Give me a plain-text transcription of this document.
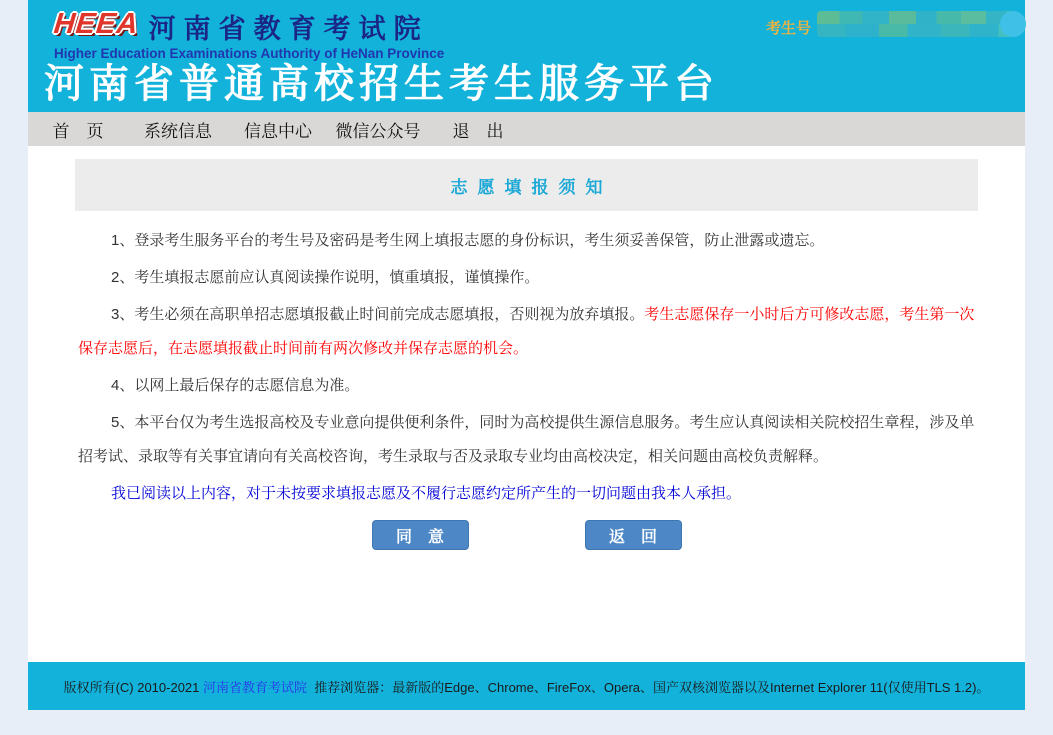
HEEA 河南省教育考试院
Higher Education Examinations Authority of HeNan Province
考生号
河南省普通高校招生考生服务平台
首　页	系统信息	信息中心	微信公众号	退　出
志愿填报须知

1、登录考生服务平台的考生号及密码是考生网上填报志愿的身份标识，考生须妥善保管，防止泄露或遗忘。

2、考生填报志愿前应认真阅读操作说明，慎重填报，谨慎操作。

3、考生必须在高职单招志愿填报截止时间前完成志愿填报，否则视为放弃填报。考生志愿保存一小时后方可修改志愿，考生第一次保存志愿后，在志愿填报截止时间前有两次修改并保存志愿的机会。

4、以网上最后保存的志愿信息为准。

5、本平台仅为考生选报高校及专业意向提供便利条件，同时为高校提供生源信息服务。考生应认真阅读相关院校招生章程，涉及单招考试、录取等有关事宜请向有关高校咨询，考生录取与否及录取专业均由高校决定，相关问题由高校负责解释。

我已阅读以上内容，对于未按要求填报志愿及不履行志愿约定所产生的一切问题由我本人承担。

同　意	返　回
版权所有(C) 2010-2021 河南省教育考试院 推荐浏览器：最新版的Edge、Chrome、FireFox、Opera、国产双核浏览器以及Internet Explorer 11(仅使用TLS 1.2)。
